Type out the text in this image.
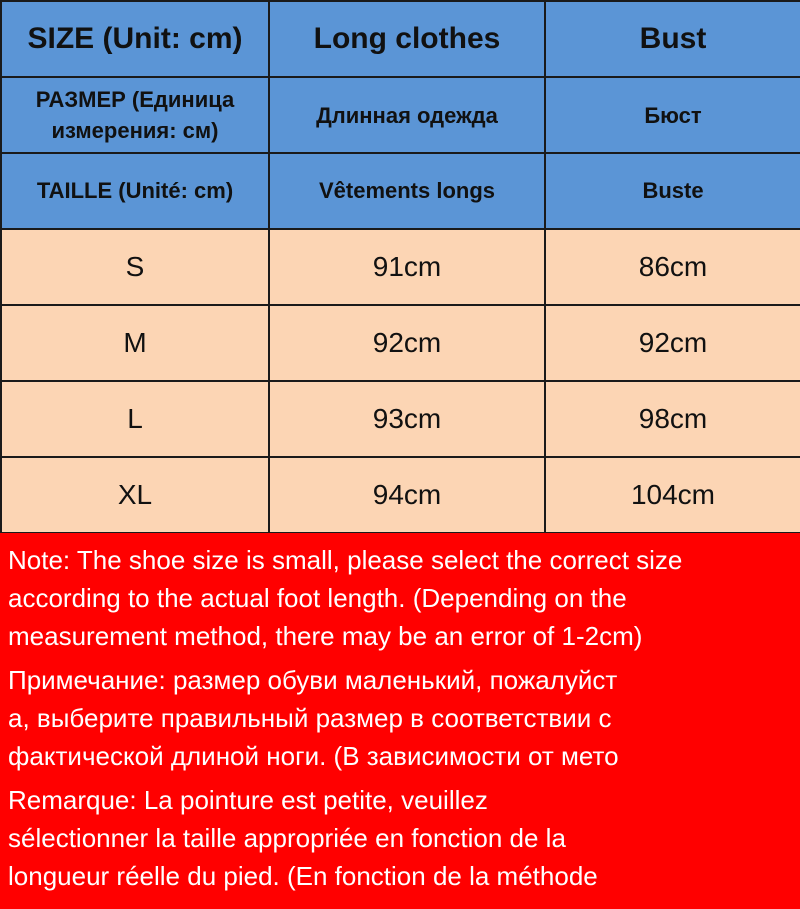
SIZE (Unit: cm)	Long clothes	Bust
РАЗМЕР (Единица измерения: см)	Длинная одежда	Бюст
TAILLE (Unité: cm)	Vêtements longs	Buste
S	91cm	86cm
M	92cm	92cm
L	93cm	98cm
XL	94cm	104cm
Note: The shoe size is small, please select the correct size
according to the actual foot length. (Depending on the
measurement method, there may be an error of 1-2cm)
Примечание: размер обуви маленький, пожалуйст
а, выберите правильный размер в соответствии с
фактической длиной ноги. (В зависимости от мето
Remarque: La pointure est petite, veuillez
sélectionner la taille appropriée en fonction de la
longueur réelle du pied. (En fonction de la méthode
